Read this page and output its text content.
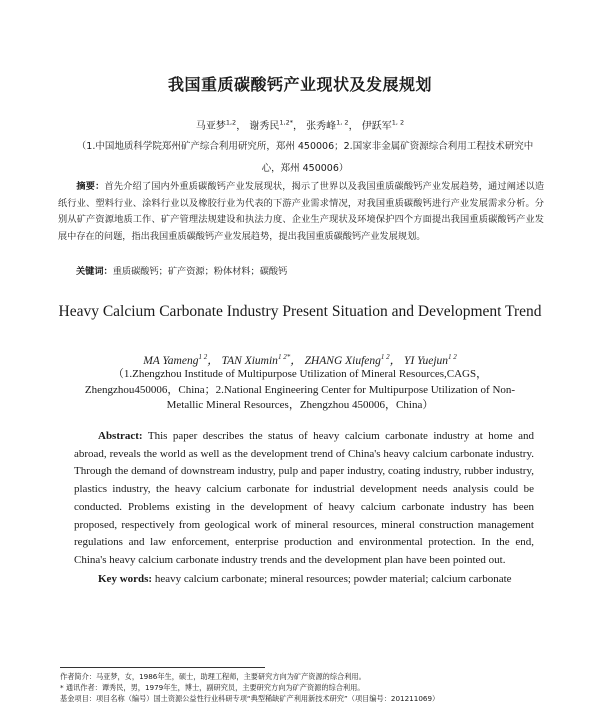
我国重质碳酸钙产业现状及发展规划
马亚梦$^{1,2}$， 谢秀民$^{1,2*}$， 张秀峰$^{1, 2}$， 伊跃军$^{1, 2}$
（1.中国地质科学院郑州矿产综合利用研究所，郑州 450006；2.国家非金属矿资源综合利用工程技术研究中心，郑州 450006）
摘要：首先介绍了国内外重质碳酸钙产业发展现状，揭示了世界以及我国重质碳酸钙产业发展趋势，通过阐述以造纸行业、塑料行业、涂料行业以及橡胶行业为代表的下游产业需求情况，对我国重质碳酸钙进行产业发展需求分析。分别从矿产资源地质工作、矿产管理法规建设和执法力度、企业生产现状及环境保护四个方面提出我国重质碳酸钙产业发展中存在的问题，指出我国重质碳酸钙产业发展趋势，提出我国重质碳酸钙产业发展规划。
关键词：重质碳酸钙；矿产资源；粉体材料；碳酸钙
Heavy Calcium Carbonate Industry Present Situation and Development Trend
MA Yameng$^{1 2}$， TAN Xiumin$^{1 2*}$， ZHANG Xiufeng$^{1 2}$， YI Yuejun$^{1 2}$
（1.Zhengzhou Institude of Multipurpose Utilization of Mineral Resources,CAGS，Zhengzhou450006，China；2.National Engineering Center for Multipurpose Utilization of Non-Metallic Mineral Resources，Zhengzhou 450006，China）
Abstract: This paper describes the status of heavy calcium carbonate industry at home and abroad, reveals the world as well as the development trend of China's heavy calcium carbonate industry. Through the demand of downstream industry, pulp and paper industry, coating industry, rubber industry, plastics industry, the heavy calcium carbonate for industrial development needs analysis could be conducted. Problems existing in the development of heavy calcium carbonate industry has been proposed, respectively from geological work of mineral resources, mineral construction management regulations and law enforcement, enterprise production and environmental protection. In the end, China's heavy calcium carbonate industry trends and the development plan have been pointed out.
Key words: heavy calcium carbonate; mineral resources; powder material; calcium carbonate
作者简介：马亚梦，女，1986年生，硕士，助理工程师，主要研究方向为矿产资源的综合利用。
* 通讯作者：谭秀民，男，1979年生，博士，副研究员，主要研究方向为矿产资源的综合利用。
基金项目：项目名称（编号）国土资源公益性行业科研专项“典型稀缺矿产利用新技术研究”（项目编号：201211069）
